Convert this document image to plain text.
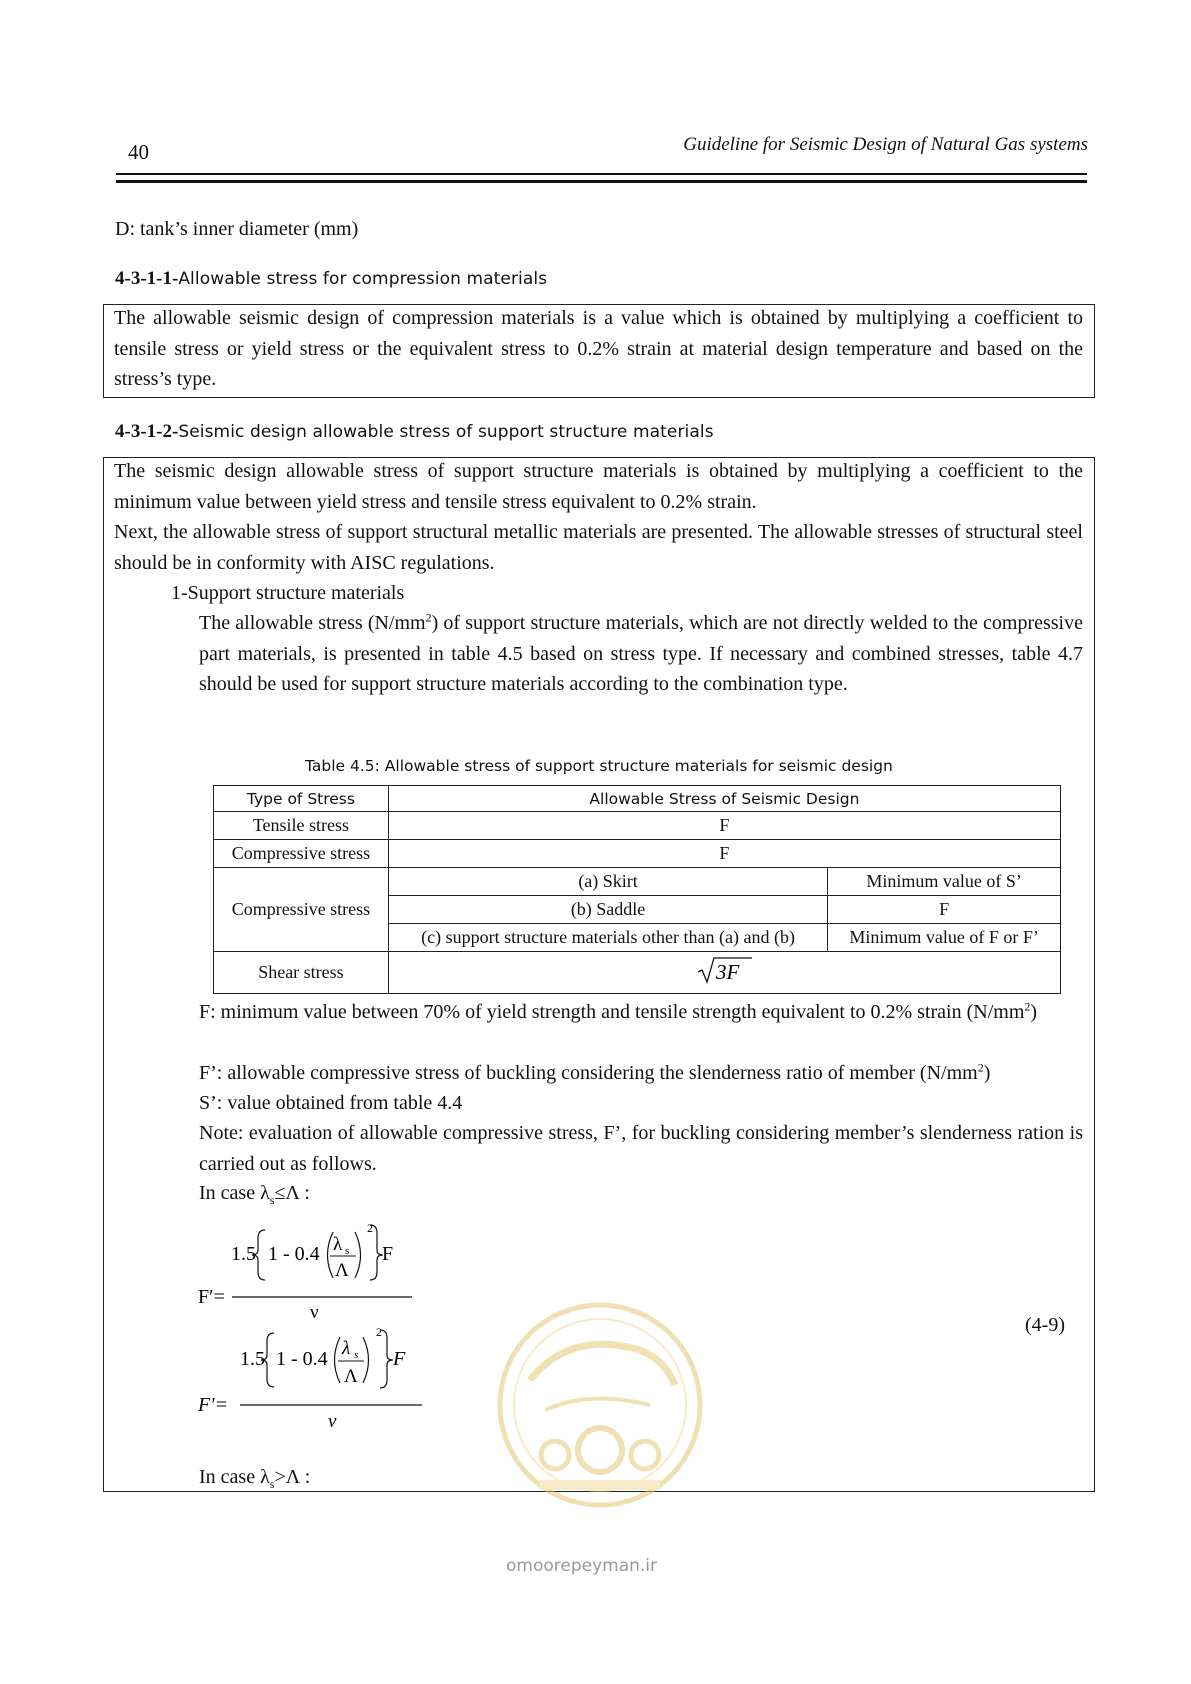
40	Guideline for Seismic Design of Natural Gas systems
D: tank’s inner diameter (mm)
4-3-1-1-Allowable stress for compression materials
The allowable seismic design of compression materials is a value which is obtained by multiplying a coefficient to tensile stress or yield stress or the equivalent stress to 0.2% strain at material design temperature and based on the stress’s type.
4-3-1-2-Seismic design allowable stress of support structure materials
The seismic design allowable stress of support structure materials is obtained by multiplying a coefficient to the minimum value between yield stress and tensile stress equivalent to 0.2% strain.
Next, the allowable stress of support structural metallic materials are presented. The allowable stresses of structural steel should be in conformity with AISC regulations.
1-Support structure materials
The allowable stress $(N/mm^2)$ of support structure materials, which are not directly welded to the compressive part materials, is presented in table 4.5 based on stress type. If necessary and combined stresses, table 4.7 should be used for support structure materials according to the combination type.
Table 4.5: Allowable stress of support structure materials for seismic design
Type of Stress	Allowable Stress of Seismic Design	
Tensile stress	F	
Compressive stress	F	
Compressive stress	(a) Skirt	Minimum value of S’
	(b) Saddle	F
	(c) support structure materials other than (a) and (b)	Minimum value of F or F’
Shear stress	3F	
F: minimum value between 70% of yield strength and tensile strength equivalent to 0.2% strain $(N/mm^2)$
F’: allowable compressive stress of buckling considering the slenderness ratio of member $(N/mm^2)$
S’: value obtained from table 4.4
Note: evaluation of allowable compressive stress, F’, for buckling considering member’s slenderness ration is carried out as follows.
In case $\lambda_s\le\Lambda$ :
1.5 1 - 0.4 λ s
Λ
2
F
F′=
ν
1.5 1 - 0.4 λ s
Λ
2
F
F′=
ν
(4-9)
In case $\lambda_s>\Lambda$ :
omoorepeyman.ir
